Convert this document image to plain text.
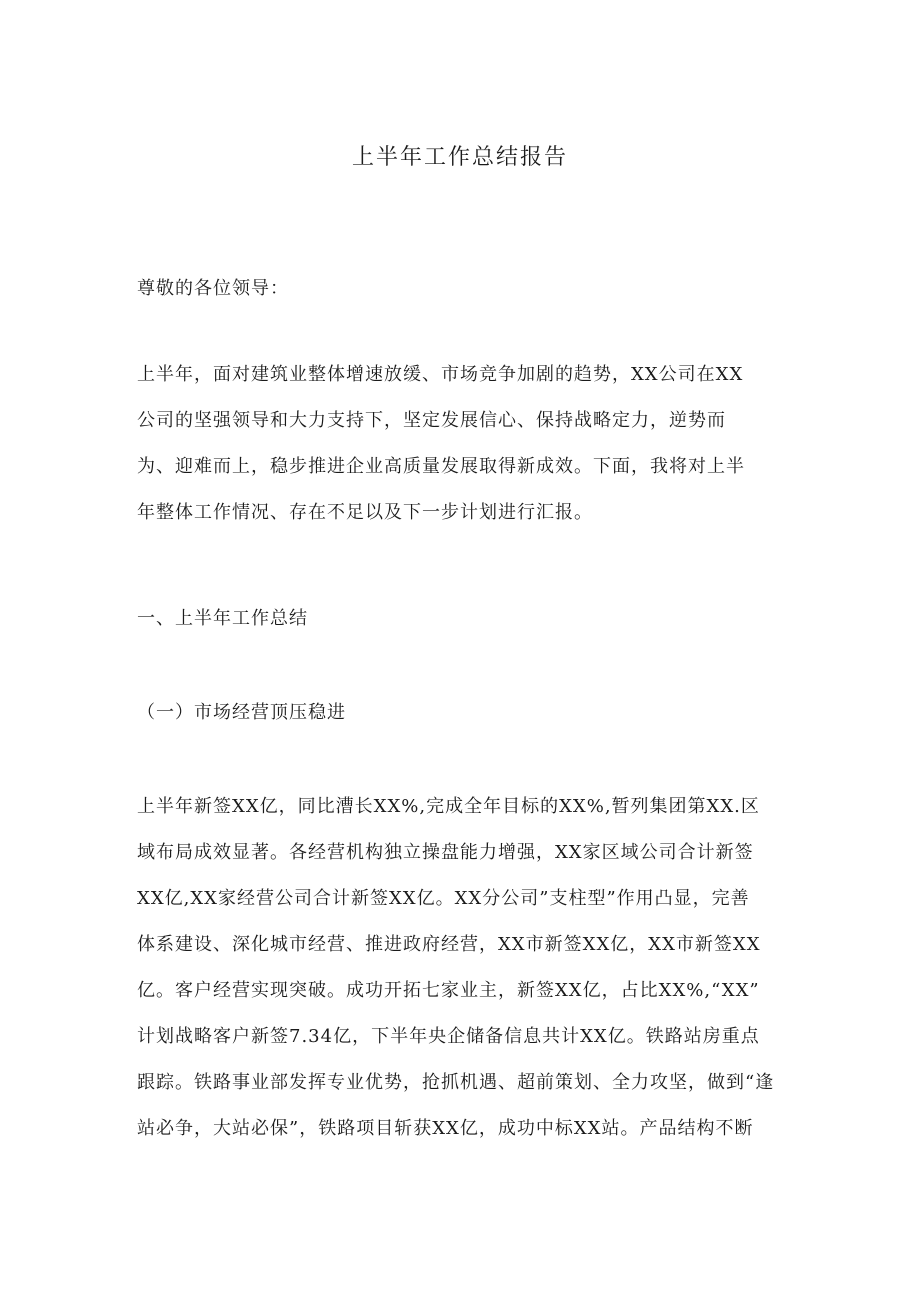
上半年工作总结报告

尊敬的各位领导：

上半年，面对建筑业整体增速放缓、市场竞争加剧的趋势，XX公司在XX
公司的坚强领导和大力支持下，坚定发展信心、保持战略定力，逆势而
为、迎难而上，稳步推进企业高质量发展取得新成效。下面，我将对上半
年整体工作情况、存在不足以及下一步计划进行汇报。

一、上半年工作总结

（一）市场经营顶压稳进

上半年新签XX亿，同比漕长XX%,完成全年目标的XX%,暂列集团第XX.区
域布局成效显著。各经营机构独立操盘能力增强，XX家区域公司合计新签
XX亿,XX家经营公司合计新签XX亿。XX分公司”支柱型”作用凸显，完善
体系建设、深化城市经营、推进政府经营，XX市新签XX亿，XX市新签XX
亿。客户经营实现突破。成功开拓七家业主，新签XX亿，占比XX%,“XX”
计划战略客户新签7.34亿，下半年央企储备信息共计XX亿。铁路站房重点
跟踪。铁路事业部发挥专业优势，抢抓机遇、超前策划、全力攻坚，做到“逢
站必争，大站必保”，铁路项目斩获XX亿，成功中标XX站。产品结构不断
